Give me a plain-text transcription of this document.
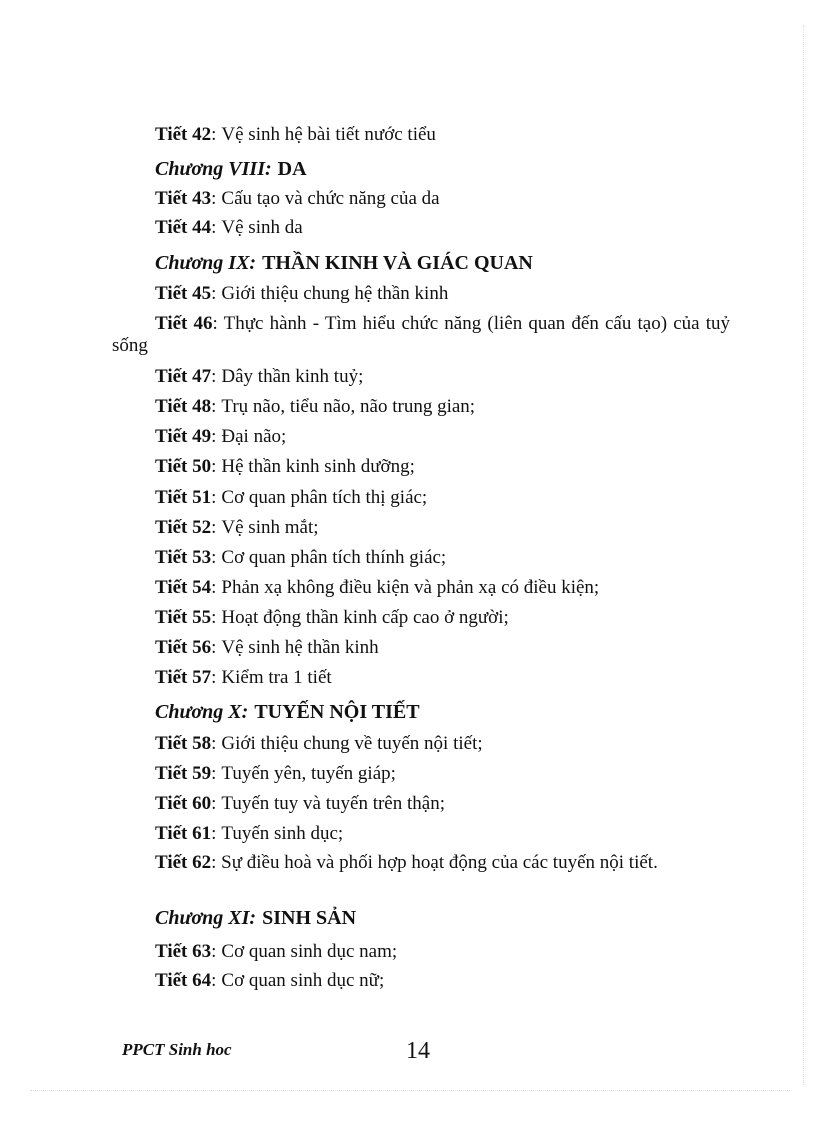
Tiết 42: Vệ sinh hệ bài tiết nước tiểu
Chương VIII: DA
Tiết 43: Cấu tạo và chức năng của da
Tiết 44: Vệ sinh da
Chương IX: THẦN KINH VÀ GIÁC QUAN
Tiết 45: Giới thiệu chung hệ thần kinh
Tiết 46: Thực hành - Tìm hiểu chức năng (liên quan đến cấu tạo) của tuỷ sống
Tiết 47: Dây thần kinh tuỷ;
Tiết 48: Trụ não, tiểu não, não trung gian;
Tiết 49: Đại não;
Tiết 50: Hệ thần kinh sinh dưỡng;
Tiết 51: Cơ quan phân tích thị giác;
Tiết 52: Vệ sinh mắt;
Tiết 53: Cơ quan phân tích thính giác;
Tiết 54: Phản xạ không điều kiện và phản xạ có điều kiện;
Tiết 55: Hoạt động thần kinh cấp cao ở người;
Tiết 56: Vệ sinh hệ thần kinh
Tiết 57: Kiểm tra 1 tiết
Chương X: TUYẾN NỘI TIẾT
Tiết 58: Giới thiệu chung về tuyến nội tiết;
Tiết 59: Tuyến yên, tuyến giáp;
Tiết 60: Tuyến tuy và tuyến trên thận;
Tiết 61: Tuyến sinh dục;
Tiết 62: Sự điều hoà và phối hợp hoạt động của các tuyến nội tiết.
Chương XI: SINH SẢN
Tiết 63: Cơ quan sinh dục nam;
Tiết 64: Cơ quan sinh dục nữ;
PPCT Sinh hoc	14
